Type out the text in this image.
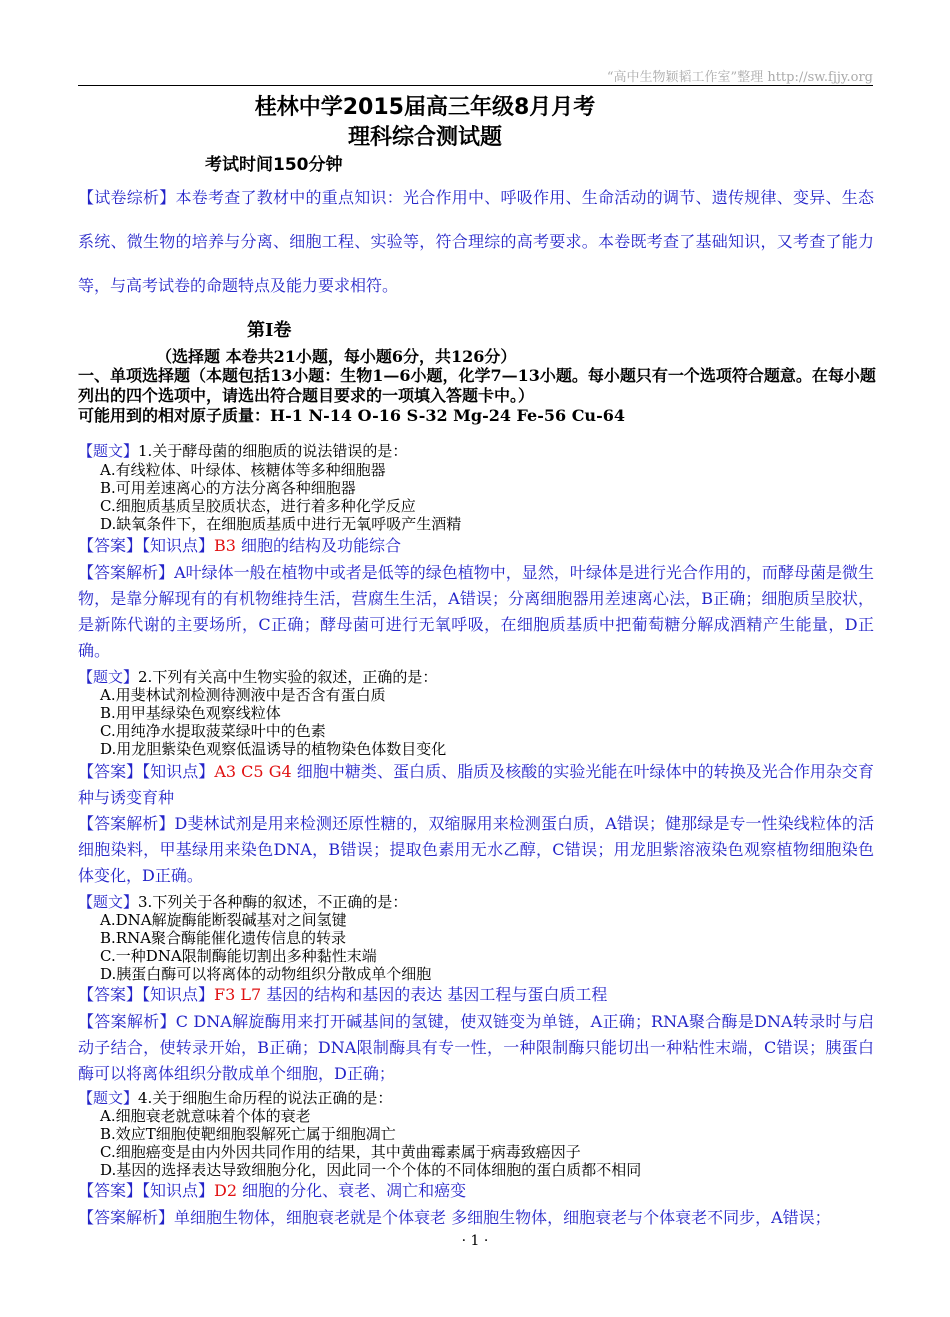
“高中生物颖韬工作室”整理 http://sw.fjjy.org
桂林中学2015届高三年级8月月考
理科综合测试题
考试时间150分钟
【试卷综析】本卷考查了教材中的重点知识：光合作用中、呼吸作用、生命活动的调节、遗传规律、变异、生态系统、微生物的培养与分离、细胞工程、实验等，符合理综的高考要求。本卷既考查了基础知识，又考查了能力等，与高考试卷的命题特点及能力要求相符。
第Ⅰ卷
（选择题 本卷共21小题，每小题6分，共126分）
一、单项选择题（本题包括13小题：生物1—6小题，化学7—13小题。每小题只有一个选项符合题意。在每小题列出的四个选项中，请选出符合题目要求的一项填入答题卡中。）
可能用到的相对原子质量：H-1 N-14 O-16 S-32 Mg-24 Fe-56 Cu-64
【题文】1.关于酵母菌的细胞质的说法错误的是：
A.有线粒体、叶绿体、核糖体等多种细胞器
B.可用差速离心的方法分离各种细胞器
C.细胞质基质呈胶质状态，进行着多种化学反应
D.缺氧条件下，在细胞质基质中进行无氧呼吸产生酒精
【答案】【知识点】B3 细胞的结构及功能综合
【答案解析】A叶绿体一般在植物中或者是低等的绿色植物中，显然，叶绿体是进行光合作用的，而酵母菌是微生物，是靠分解现有的有机物维持生活，营腐生生活，A错误；分离细胞器用差速离心法，B正确；细胞质呈胶状，是新陈代谢的主要场所，C正确；酵母菌可进行无氧呼吸，在细胞质基质中把葡萄糖分解成酒精产生能量，D正确。
【题文】2.下列有关高中生物实验的叙述，正确的是：
A.用斐林试剂检测待测液中是否含有蛋白质
B.用甲基绿染色观察线粒体
C.用纯净水提取菠菜绿叶中的色素
D.用龙胆紫染色观察低温诱导的植物染色体数目变化
【答案】【知识点】A3 C5 G4 细胞中糖类、蛋白质、脂质及核酸的实验光能在叶绿体中的转换及光合作用杂交育种与诱变育种
【答案解析】D斐林试剂是用来检测还原性糖的，双缩脲用来检测蛋白质，A错误；健那绿是专一性染线粒体的活细胞染料，甲基绿用来染色DNA，B错误；提取色素用无水乙醇，C错误；用龙胆紫溶液染色观察植物细胞染色体变化，D正确。
【题文】3.下列关于各种酶的叙述，不正确的是：
A.DNA解旋酶能断裂碱基对之间氢键
B.RNA聚合酶能催化遗传信息的转录
C.一种DNA限制酶能切割出多种黏性末端
D.胰蛋白酶可以将离体的动物组织分散成单个细胞
【答案】【知识点】F3 L7 基因的结构和基因的表达 基因工程与蛋白质工程
【答案解析】C DNA解旋酶用来打开碱基间的氢键，使双链变为单链，A正确；RNA聚合酶是DNA转录时与启动子结合，使转录开始，B正确；DNA限制酶具有专一性，一种限制酶只能切出一种粘性末端，C错误；胰蛋白酶可以将离体组织分散成单个细胞，D正确；
【题文】4.关于细胞生命历程的说法正确的是：
A.细胞衰老就意味着个体的衰老
B.效应T细胞使靶细胞裂解死亡属于细胞凋亡
C.细胞癌变是由内外因共同作用的结果，其中黄曲霉素属于病毒致癌因子
D.基因的选择表达导致细胞分化，因此同一个个体的不同体细胞的蛋白质都不相同
【答案】【知识点】D2 细胞的分化、衰老、凋亡和癌变
【答案解析】单细胞生物体，细胞衰老就是个体衰老 多细胞生物体，细胞衰老与个体衰老不同步，A错误；
· 1 ·
